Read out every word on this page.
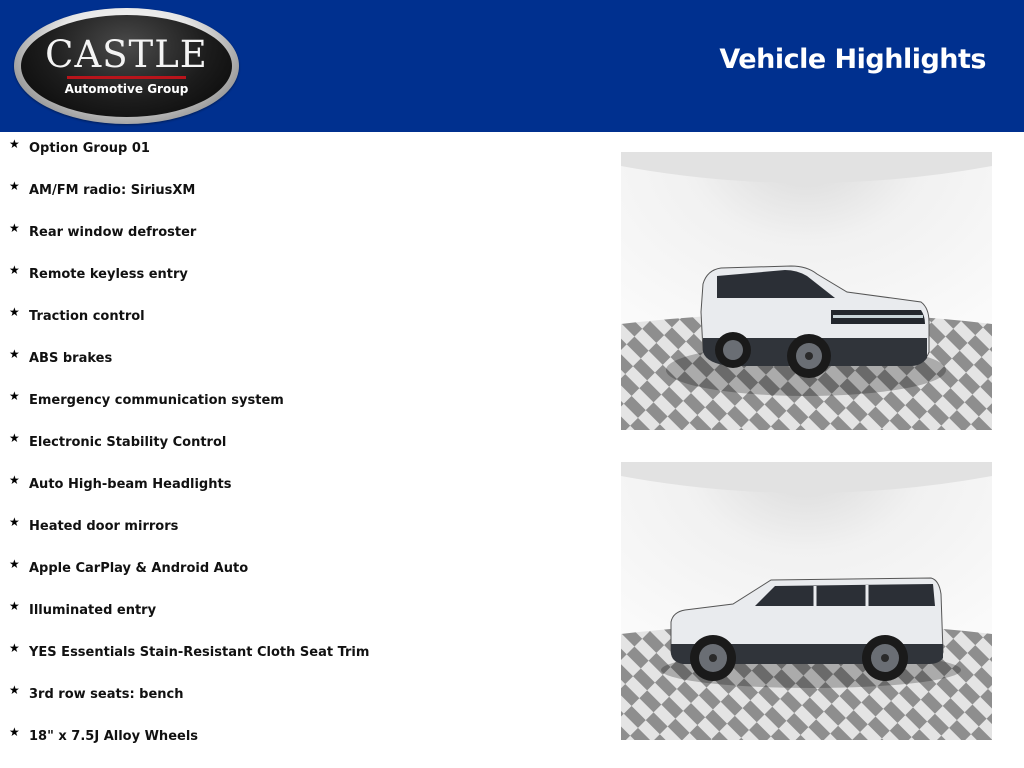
CASTLE
Automotive Group
Vehicle Highlights
★ Option Group 01
★ AM/FM radio: SiriusXM
★ Rear window defroster
★ Remote keyless entry
★ Traction control
★ ABS brakes
★ Emergency communication system
★ Electronic Stability Control
★ Auto High-beam Headlights
★ Heated door mirrors
★ Apple CarPlay & Android Auto
★ Illuminated entry
★ YES Essentials Stain-Resistant Cloth Seat Trim
★ 3rd row seats: bench
★ 18" x 7.5J Alloy Wheels
